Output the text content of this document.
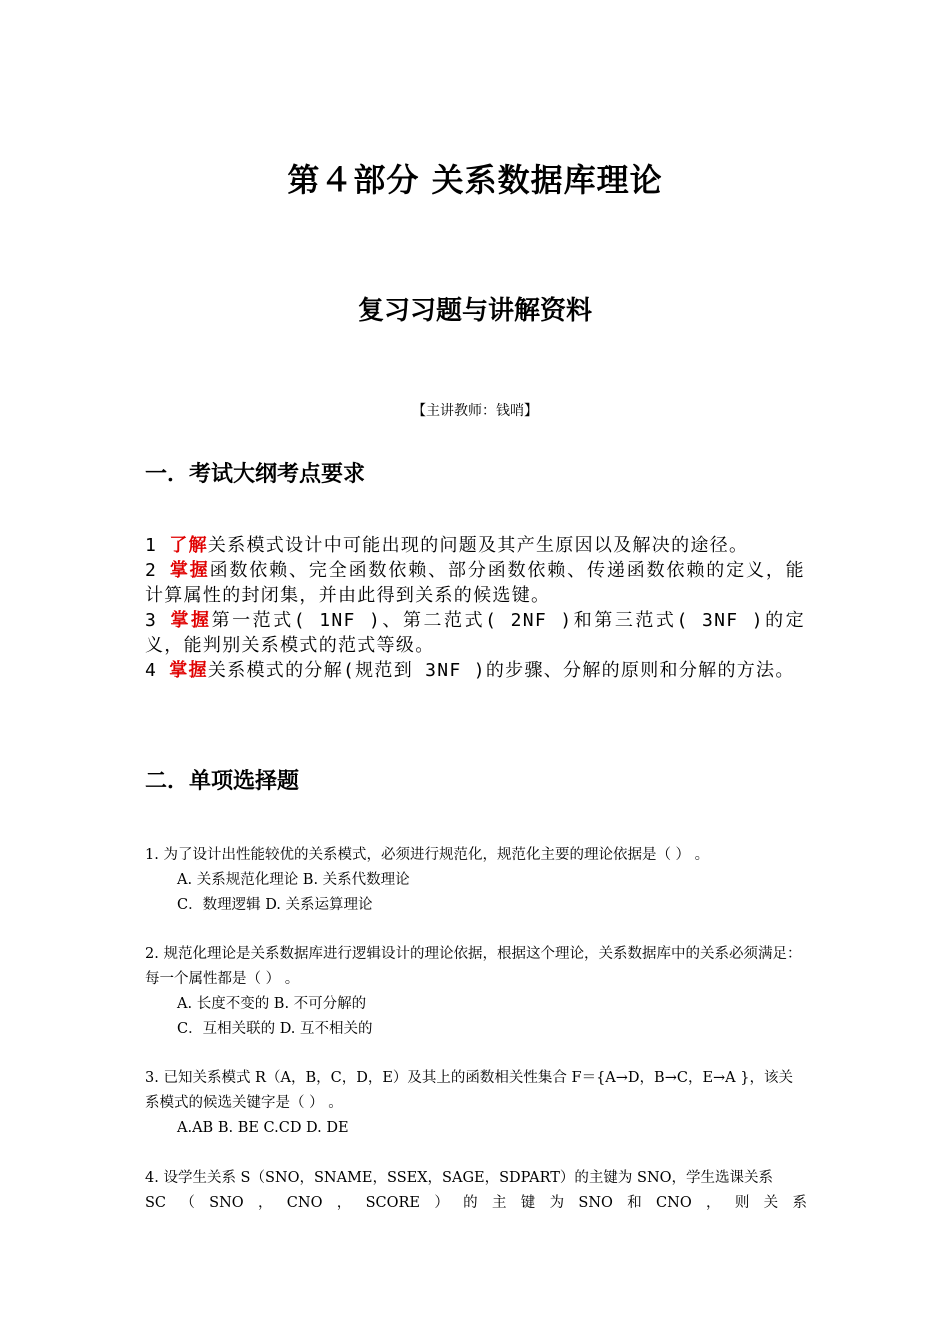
第４部分 关系数据库理论
复习习题与讲解资料
【主讲教师：钱哨】
一．考试大纲考点要求

1 了解关系模式设计中可能出现的问题及其产生原因以及解决的途径。

2 掌握函数依赖、完全函数依赖、部分函数依赖、传递函数依赖的定义，能计算属性的封闭集，并由此得到关系的候选键。

3 掌握第一范式( 1NF )、第二范式( 2NF )和第三范式( 3NF )的定义，能判别关系模式的范式等级。

4 掌握关系模式的分解(规范到 3NF )的步骤、分解的原则和分解的方法。

二．单项选择题

1. 为了设计出性能较优的关系模式，必须进行规范化，规范化主要的理论依据是（ ） 。

A. 关系规范化理论 B. 关系代数理论

C．数理逻辑 D. 关系运算理论

2. 规范化理论是关系数据库进行逻辑设计的理论依据，根据这个理论，关系数据库中的关系必须满足：每一个属性都是（ ） 。

A. 长度不变的 B. 不可分解的

C．互相关联的 D. 互不相关的

3. 已知关系模式 R（A，B，C，D，E）及其上的函数相关性集合 F＝{A→D，B→C，E→A }，该关系模式的候选关键字是（ ） 。

A.AB B. BE C.CD D. DE

4. 设学生关系 S（SNO，SNAME，SSEX，SAGE，SDPART）的主键为 SNO，学生选课关系

SC （ SNO ， CNO ， SCORE ） 的 主 键 为 SNO 和 CNO ， 则 关 系
